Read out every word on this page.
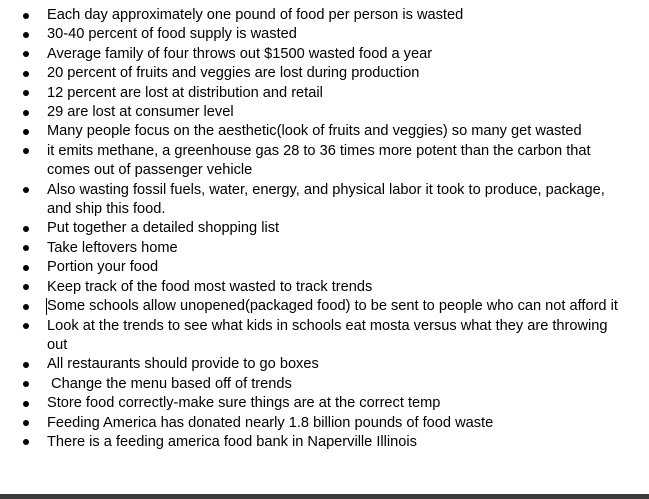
Each day approximately one pound of food per person is wasted
30-40 percent of food supply is wasted
Average family of four throws out $1500 wasted food a year
20 percent of fruits and veggies are lost during production
12 percent are lost at distribution and retail
29 are lost at consumer level
Many people focus on the aesthetic(look of fruits and veggies) so many get wasted
it emits methane, a greenhouse gas 28 to 36 times more potent than the carbon that comes out of passenger vehicle
Also wasting fossil fuels, water, energy, and physical labor it took to produce, package, and ship this food.
Put together a detailed shopping list
Take leftovers home
Portion your food
Keep track of the food most wasted to track trends
Some schools allow unopened(packaged food) to be sent to people who can not afford it
Look at the trends to see what kids in schools eat mosta versus what they are throwing out
All restaurants should provide to go boxes
Change the menu based off of trends
Store food correctly-make sure things are at the correct temp
Feeding America has donated nearly 1.8 billion pounds of food waste
There is a feeding america food bank in Naperville Illinois
